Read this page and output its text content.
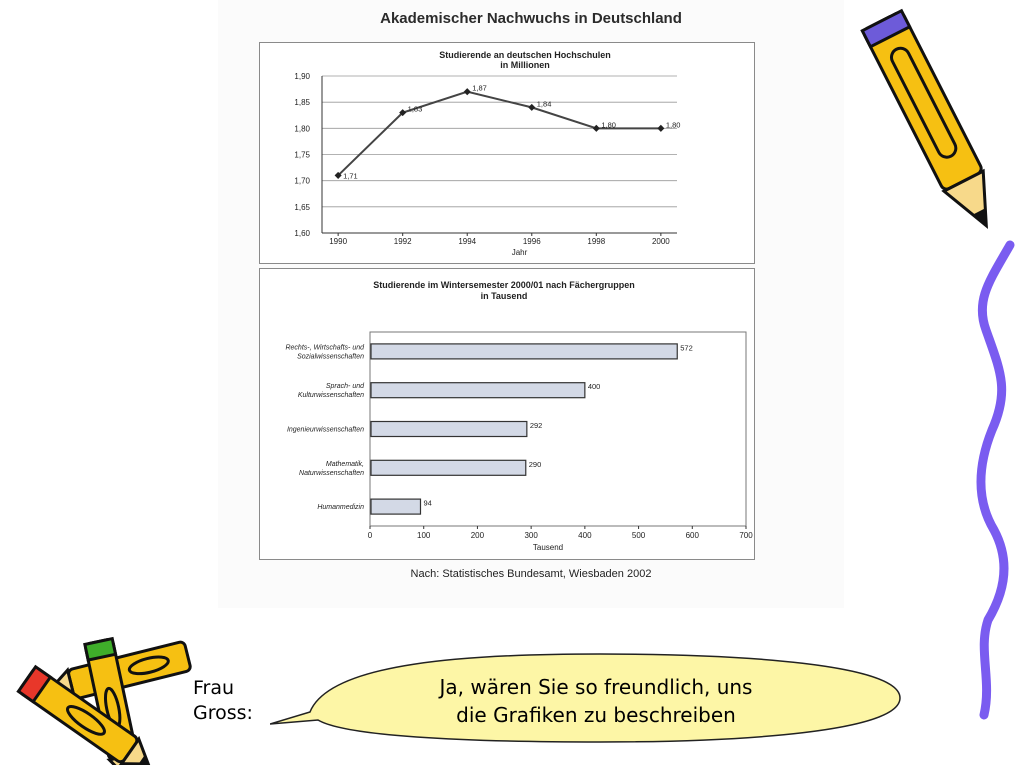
Akademischer Nachwuchs in Deutschland
Studierende an deutschen Hochschulen
in Millionen
1,60
1,65
1,70
1,75
1,80
1,85
1,90
1990	1992	1994	1996	1998	2000
Jahr
1,71
1,83
1,87
1,84
1,80	1,80
Studierende im Wintersemester 2000/01 nach Fächergruppen
in Tausend
0	100	200	300	400	500	600	700
Tausend
572
Rechts-, Wirtschafts- und
Sozialwissenschaften
400
Sprach- und
Kulturwissenschaften
292
Ingenieurwissenschaften
290
Mathematik,
Naturwissenschaften
94
Humanmedizin
Nach: Statistisches Bundesamt, Wiesbaden 2002
Frau
Gross:
Ja, wären Sie so freundlich, uns
die Grafiken zu beschreiben
